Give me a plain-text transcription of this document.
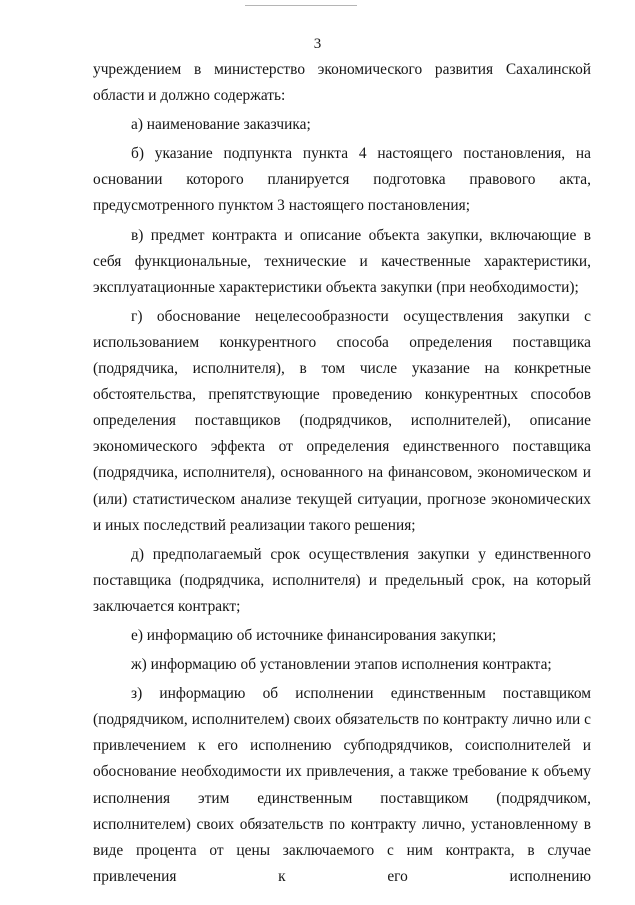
3

учреждением в министерство экономического развития Сахалинской области и должно содержать:

а) наименование заказчика;

б) указание подпункта пункта 4 настоящего постановления, на основании которого планируется подготовка правового акта, предусмотренного пунктом 3 настоящего постановления;

в) предмет контракта и описание объекта закупки, включающие в себя функциональные, технические и качественные характеристики, эксплуатационные характеристики объекта закупки (при необходимости);

г) обоснование нецелесообразности осуществления закупки с использованием конкурентного способа определения поставщика (подрядчика, исполнителя), в том числе указание на конкретные обстоятельства, препятствующие проведению конкурентных способов определения поставщиков (подрядчиков, исполнителей), описание экономического эффекта от определения единственного поставщика (подрядчика, исполнителя), основанного на финансовом, экономическом и (или) статистическом анализе текущей ситуации, прогнозе экономических и иных последствий реализации такого решения;

д) предполагаемый срок осуществления закупки у единственного поставщика (подрядчика, исполнителя) и предельный срок, на который заключается контракт;

е) информацию об источнике финансирования закупки;

ж) информацию об установлении этапов исполнения контракта;

з) информацию об исполнении единственным поставщиком (подрядчиком, исполнителем) своих обязательств по контракту лично или с привлечением к его исполнению субподрядчиков, соисполнителей и обоснование необходимости их привлечения, а также требование к объему исполнения этим единственным поставщиком (подрядчиком, исполнителем) своих обязательств по контракту лично, установленному в виде процента от цены заключаемого с ним контракта, в случае привлечения к его исполнению
